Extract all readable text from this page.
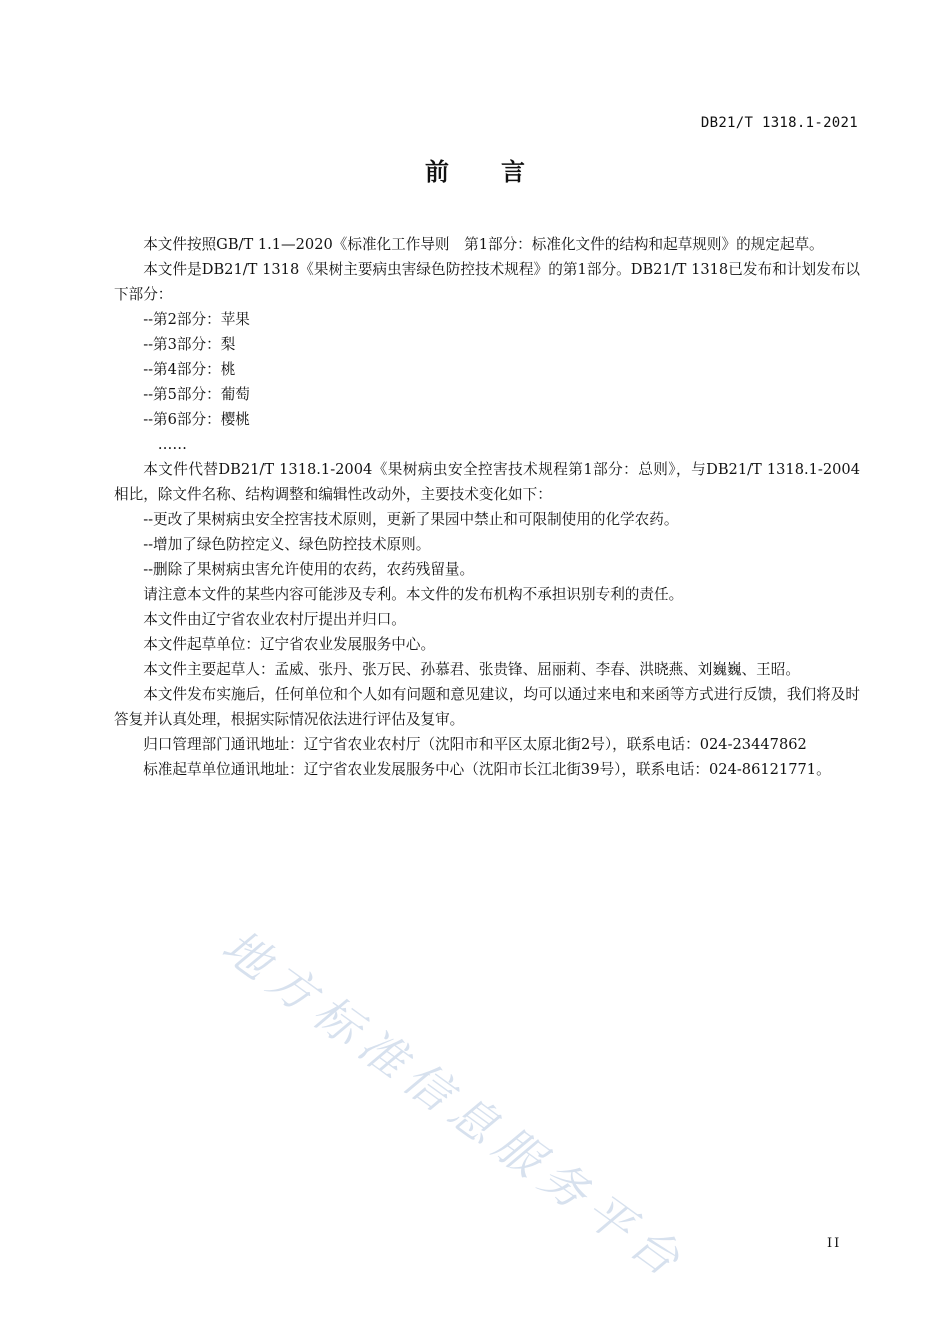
DB21/T 1318.1-2021
前言

本文件按照GB/T 1.1—2020《标准化工作导则　第1部分：标准化文件的结构和起草规则》的规定起草。

本文件是DB21/T 1318《果树主要病虫害绿色防控技术规程》的第1部分。DB21/T 1318已发布和计划发布以下部分：

--第2部分：苹果

--第3部分：梨

--第4部分：桃

--第5部分：葡萄

--第6部分：樱桃

……

本文件代替DB21/T 1318.1-2004《果树病虫安全控害技术规程第1部分：总则》，与DB21/T 1318.1-2004相比，除文件名称、结构调整和编辑性改动外，主要技术变化如下：

--更改了果树病虫安全控害技术原则，更新了果园中禁止和可限制使用的化学农药。

--增加了绿色防控定义、绿色防控技术原则。

--删除了果树病虫害允许使用的农药，农药残留量。

请注意本文件的某些内容可能涉及专利。本文件的发布机构不承担识别专利的责任。

本文件由辽宁省农业农村厅提出并归口。

本文件起草单位：辽宁省农业发展服务中心。

本文件主要起草人：孟威、张丹、张万民、孙慕君、张贵锋、屈丽莉、李春、洪晓燕、刘巍巍、王昭。

本文件发布实施后，任何单位和个人如有问题和意见建议，均可以通过来电和来函等方式进行反馈，我们将及时答复并认真处理，根据实际情况依法进行评估及复审。

归口管理部门通讯地址：辽宁省农业农村厅（沈阳市和平区太原北街2号），联系电话：024-23447862

标准起草单位通讯地址：辽宁省农业发展服务中心（沈阳市长江北街39号），联系电话：024-86121771。

地方标准信息服务平台	II
